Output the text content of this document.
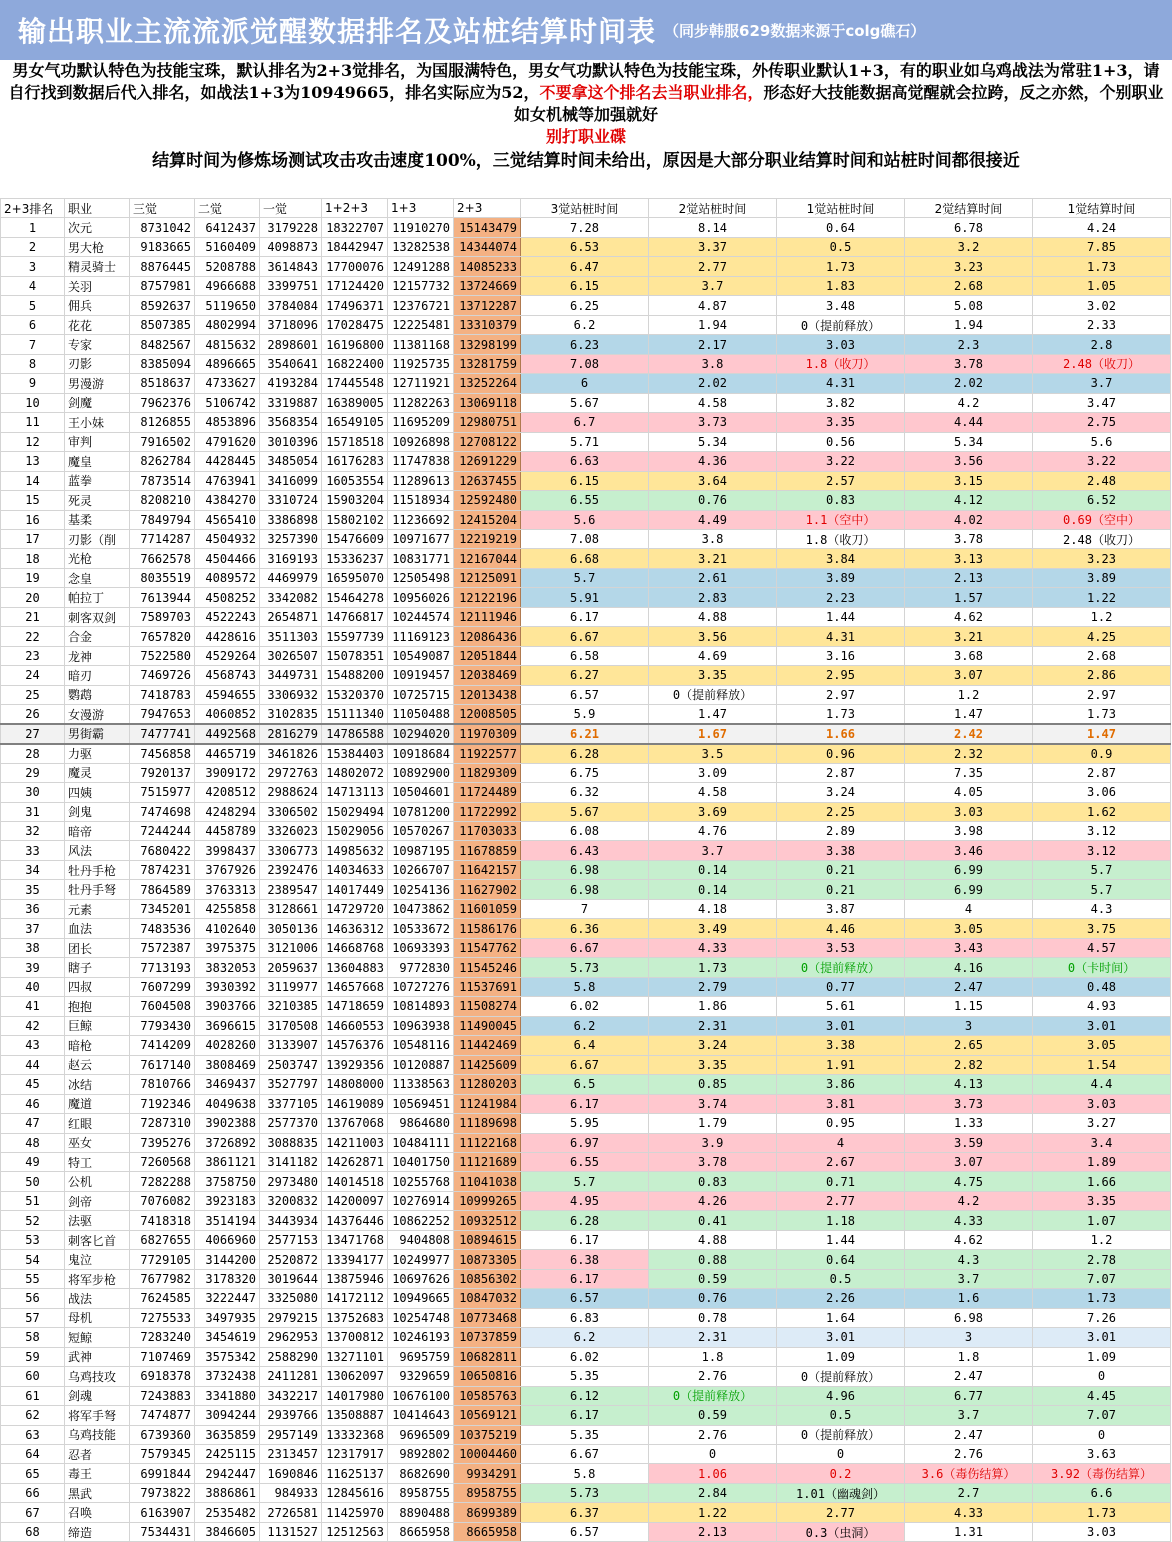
输出职业主流流派觉醒数据排名及站桩结算时间表 （同步韩服629数据来源于colg礁石）

男女气功默认特色为技能宝珠，默认排名为2+3觉排名，为国服满特色，男女气功默认特色为技能宝珠，外传职业默认1+3，有的职业如乌鸡战法为常驻1+3，请自行找到数据后代入排名，如战法1+3为10949665，排名实际应为52，不要拿这个排名去当职业排名，形态好大技能数据高觉醒就会拉跨，反之亦然，个别职业如女机械等加强就好

别打职业碟

结算时间为修炼场测试攻击攻击速度100%，三觉结算时间未给出，原因是大部分职业结算时间和站桩时间都很接近

2+3排名	职业	三觉	二觉	一觉	1+2+3	1+3	2+3	3觉站桩时间	2觉站桩时间	1觉站桩时间	2觉结算时间	1觉结算时间
1	次元	8731042	6412437	3179228	18322707	11910270	15143479	7.28	8.14	0.64	6.78	4.24
2	男大枪	9183665	5160409	4098873	18442947	13282538	14344074	6.53	3.37	0.5	3.2	7.85
3	精灵骑士	8876445	5208788	3614843	17700076	12491288	14085233	6.47	2.77	1.73	3.23	1.73
4	关羽	8757981	4966688	3399751	17124420	12157732	13724669	6.15	3.7	1.83	2.68	1.05
5	佣兵	8592637	5119650	3784084	17496371	12376721	13712287	6.25	4.87	3.48	5.08	3.02
6	花花	8507385	4802994	3718096	17028475	12225481	13310379	6.2	1.94	0（提前释放）	1.94	2.33
7	专家	8482567	4815632	2898601	16196800	11381168	13298199	6.23	2.17	3.03	2.3	2.8
8	刃影	8385094	4896665	3540641	16822400	11925735	13281759	7.08	3.8	1.8（收刀）	3.78	2.48（收刀）
9	男漫游	8518637	4733627	4193284	17445548	12711921	13252264	6	2.02	4.31	2.02	3.7
10	剑魔	7962376	5106742	3319887	16389005	11282263	13069118	5.67	4.58	3.82	4.2	3.47
11	王小妹	8126855	4853896	3568354	16549105	11695209	12980751	6.7	3.73	3.35	4.44	2.75
12	审判	7916502	4791620	3010396	15718518	10926898	12708122	5.71	5.34	0.56	5.34	5.6
13	魔皇	8262784	4428445	3485054	16176283	11747838	12691229	6.63	4.36	3.22	3.56	3.22
14	蓝拳	7873514	4763941	3416099	16053554	11289613	12637455	6.15	3.64	2.57	3.15	2.48
15	死灵	8208210	4384270	3310724	15903204	11518934	12592480	6.55	0.76	0.83	4.12	6.52
16	基柔	7849794	4565410	3386898	15802102	11236692	12415204	5.6	4.49	1.1（空中）	4.02	0.69（空中）
17	刃影（削	7714287	4504932	3257390	15476609	10971677	12219219	7.08	3.8	1.8（收刀）	3.78	2.48（收刀）
18	光枪	7662578	4504466	3169193	15336237	10831771	12167044	6.68	3.21	3.84	3.13	3.23
19	念皇	8035519	4089572	4469979	16595070	12505498	12125091	5.7	2.61	3.89	2.13	3.89
20	帕拉丁	7613944	4508252	3342082	15464278	10956026	12122196	5.91	2.83	2.23	1.57	1.22
21	刺客双剑	7589703	4522243	2654871	14766817	10244574	12111946	6.17	4.88	1.44	4.62	1.2
22	合金	7657820	4428616	3511303	15597739	11169123	12086436	6.67	3.56	4.31	3.21	4.25
23	龙神	7522580	4529264	3026507	15078351	10549087	12051844	6.58	4.69	3.16	3.68	2.68
24	暗刃	7469726	4568743	3449731	15488200	10919457	12038469	6.27	3.35	2.95	3.07	2.86
25	鹦鹉	7418783	4594655	3306932	15320370	10725715	12013438	6.57	0（提前释放）	2.97	1.2	2.97
26	女漫游	7947653	4060852	3102835	15111340	11050488	12008505	5.9	1.47	1.73	1.47	1.73
27	男街霸	7477741	4492568	2816279	14786588	10294020	11970309	6.21	1.67	1.66	2.42	1.47
28	力驱	7456858	4465719	3461826	15384403	10918684	11922577	6.28	3.5	0.96	2.32	0.9
29	魔灵	7920137	3909172	2972763	14802072	10892900	11829309	6.75	3.09	2.87	7.35	2.87
30	四姨	7515977	4208512	2988624	14713113	10504601	11724489	6.32	4.58	3.24	4.05	3.06
31	剑鬼	7474698	4248294	3306502	15029494	10781200	11722992	5.67	3.69	2.25	3.03	1.62
32	暗帝	7244244	4458789	3326023	15029056	10570267	11703033	6.08	4.76	2.89	3.98	3.12
33	风法	7680422	3998437	3306773	14985632	10987195	11678859	6.43	3.7	3.38	3.46	3.12
34	牡丹手枪	7874231	3767926	2392476	14034633	10266707	11642157	6.98	0.14	0.21	6.99	5.7
35	牡丹手弩	7864589	3763313	2389547	14017449	10254136	11627902	6.98	0.14	0.21	6.99	5.7
36	元素	7345201	4255858	3128661	14729720	10473862	11601059	7	4.18	3.87	4	4.3
37	血法	7483536	4102640	3050136	14636312	10533672	11586176	6.36	3.49	4.46	3.05	3.75
38	团长	7572387	3975375	3121006	14668768	10693393	11547762	6.67	4.33	3.53	3.43	4.57
39	瞎子	7713193	3832053	2059637	13604883	9772830	11545246	5.73	1.73	0（提前释放）	4.16	0（卡时间）
40	四叔	7607299	3930392	3119977	14657668	10727276	11537691	5.8	2.79	0.77	2.47	0.48
41	抱抱	7604508	3903766	3210385	14718659	10814893	11508274	6.02	1.86	5.61	1.15	4.93
42	巨鲸	7793430	3696615	3170508	14660553	10963938	11490045	6.2	2.31	3.01	3	3.01
43	暗枪	7414209	4028260	3133907	14576376	10548116	11442469	6.4	3.24	3.38	2.65	3.05
44	赵云	7617140	3808469	2503747	13929356	10120887	11425609	6.67	3.35	1.91	2.82	1.54
45	冰结	7810766	3469437	3527797	14808000	11338563	11280203	6.5	0.85	3.86	4.13	4.4
46	魔道	7192346	4049638	3377105	14619089	10569451	11241984	6.17	3.74	3.81	3.73	3.03
47	红眼	7287310	3902388	2577370	13767068	9864680	11189698	5.95	1.79	0.95	1.33	3.27
48	巫女	7395276	3726892	3088835	14211003	10484111	11122168	6.97	3.9	4	3.59	3.4
49	特工	7260568	3861121	3141182	14262871	10401750	11121689	6.55	3.78	2.67	3.07	1.89
50	公机	7282288	3758750	2973480	14014518	10255768	11041038	5.7	0.83	0.71	4.75	1.66
51	剑帝	7076082	3923183	3200832	14200097	10276914	10999265	4.95	4.26	2.77	4.2	3.35
52	法驱	7418318	3514194	3443934	14376446	10862252	10932512	6.28	0.41	1.18	4.33	1.07
53	刺客匕首	6827655	4066960	2577153	13471768	9404808	10894615	6.17	4.88	1.44	4.62	1.2
54	鬼泣	7729105	3144200	2520872	13394177	10249977	10873305	6.38	0.88	0.64	4.3	2.78
55	将军步枪	7677982	3178320	3019644	13875946	10697626	10856302	6.17	0.59	0.5	3.7	7.07
56	战法	7624585	3222447	3325080	14172112	10949665	10847032	6.57	0.76	2.26	1.6	1.73
57	母机	7275533	3497935	2979215	13752683	10254748	10773468	6.83	0.78	1.64	6.98	7.26
58	短鲸	7283240	3454619	2962953	13700812	10246193	10737859	6.2	2.31	3.01	3	3.01
59	武神	7107469	3575342	2588290	13271101	9695759	10682811	6.02	1.8	1.09	1.8	1.09
60	乌鸡技攻	6918378	3732438	2411281	13062097	9329659	10650816	5.35	2.76	0（提前释放）	2.47	0
61	剑魂	7243883	3341880	3432217	14017980	10676100	10585763	6.12	0（提前释放）	4.96	6.77	4.45
62	将军手弩	7474877	3094244	2939766	13508887	10414643	10569121	6.17	0.59	0.5	3.7	7.07
63	乌鸡技能	6739360	3635859	2957149	13332368	9696509	10375219	5.35	2.76	0（提前释放）	2.47	0
64	忍者	7579345	2425115	2313457	12317917	9892802	10004460	6.67	0	0	2.76	3.63
65	毒王	6991844	2942447	1690846	11625137	8682690	9934291	5.8	1.06	0.2	3.6（毒伤结算）	3.92（毒伤结算）
66	黑武	7973822	3886861	984933	12845616	8958755	8958755	5.73	2.84	1.01（幽魂剑）	2.7	6.6
67	召唤	6163907	2535482	2726581	11425970	8890488	8699389	6.37	1.22	2.77	4.33	1.73
68	缔造	7534431	3846605	1131527	12512563	8665958	8665958	6.57	2.13	0.3（虫洞）	1.31	3.03
